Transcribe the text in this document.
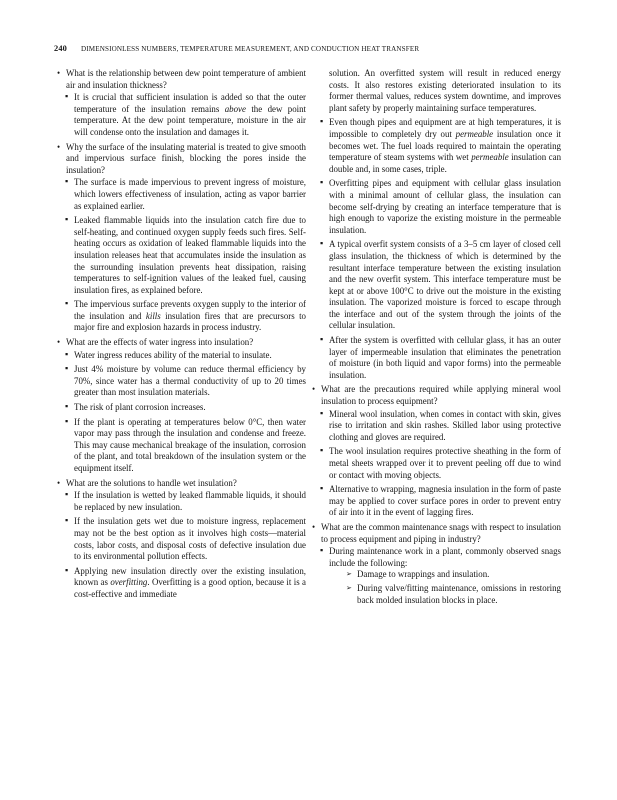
240 DIMENSIONLESS NUMBERS, TEMPERATURE MEASUREMENT, AND CONDUCTION HEAT TRANSFER

• What is the relationship between dew point temperature of ambient air and insulation thickness?

▪ It is crucial that sufficient insulation is added so that the outer temperature of the insulation remains above the dew point temperature. At the dew point temperature, moisture in the air will condense onto the insulation and damages it.

• Why the surface of the insulating material is treated to give smooth and impervious surface finish, blocking the pores inside the insulation?

▪ The surface is made impervious to prevent ingress of moisture, which lowers effectiveness of insulation, acting as vapor barrier as explained earlier.
▪ Leaked flammable liquids into the insulation catch fire due to self-heating, and continued oxygen supply feeds such fires. Self-heating occurs as oxidation of leaked flammable liquids into the insulation releases heat that accumulates inside the insulation as the surrounding insulation prevents heat dissipation, raising temperatures to self-ignition values of the leaked fuel, causing insulation fires, as explained before.
▪ The impervious surface prevents oxygen supply to the interior of the insulation and kills insulation fires that are precursors to major fire and explosion hazards in process industry.

• What are the effects of water ingress into insulation?

▪ Water ingress reduces ability of the material to insulate.
▪ Just 4% moisture by volume can reduce thermal efficiency by 70%, since water has a thermal conductivity of up to 20 times greater than most insulation materials.
▪ The risk of plant corrosion increases.
▪ If the plant is operating at temperatures below 0°C, then water vapor may pass through the insulation and condense and freeze. This may cause mechanical breakage of the insulation, corrosion of the plant, and total breakdown of the insulation system or the equipment itself.

• What are the solutions to handle wet insulation?

▪ If the insulation is wetted by leaked flammable liquids, it should be replaced by new insulation.
▪ If the insulation gets wet due to moisture ingress, replacement may not be the best option as it involves high costs—material costs, labor costs, and disposal costs of defective insulation due to its environmental pollution effects.
▪ Applying new insulation directly over the existing insulation, known as overfitting. Overfitting is a good option, because it is a cost-effective and immediate
solution. An overfitted system will result in reduced energy costs. It also restores existing deteriorated insulation to its former thermal values, reduces system downtime, and improves plant safety by properly maintaining surface temperatures.
▪ Even though pipes and equipment are at high temperatures, it is impossible to completely dry out permeable insulation once it becomes wet. The fuel loads required to maintain the operating temperature of steam systems with wet permeable insulation can double and, in some cases, triple.
▪ Overfitting pipes and equipment with cellular glass insulation with a minimal amount of cellular glass, the insulation can become self-drying by creating an interface temperature that is high enough to vaporize the existing moisture in the permeable insulation.
▪ A typical overfit system consists of a 3–5 cm layer of closed cell glass insulation, the thickness of which is determined by the resultant interface temperature between the existing insulation and the new overfit system. This interface temperature must be kept at or above 100°C to drive out the moisture in the existing insulation. The vaporized moisture is forced to escape through the interface and out of the system through the joints of the cellular insulation.
▪ After the system is overfitted with cellular glass, it has an outer layer of impermeable insulation that eliminates the penetration of moisture (in both liquid and vapor forms) into the permeable insulation.

• What are the precautions required while applying mineral wool insulation to process equipment?

▪ Mineral wool insulation, when comes in contact with skin, gives rise to irritation and skin rashes. Skilled labor using protective clothing and gloves are required.
▪ The wool insulation requires protective sheathing in the form of metal sheets wrapped over it to prevent peeling off due to wind or contact with moving objects.
▪ Alternative to wrapping, magnesia insulation in the form of paste may be applied to cover surface pores in order to prevent entry of air into it in the event of lagging fires.

• What are the common maintenance snags with respect to insulation to process equipment and piping in industry?

▪ During maintenance work in a plant, commonly observed snags include the following:
➢ Damage to wrappings and insulation.
➢ During valve/fitting maintenance, omissions in restoring back molded insulation blocks in place.
